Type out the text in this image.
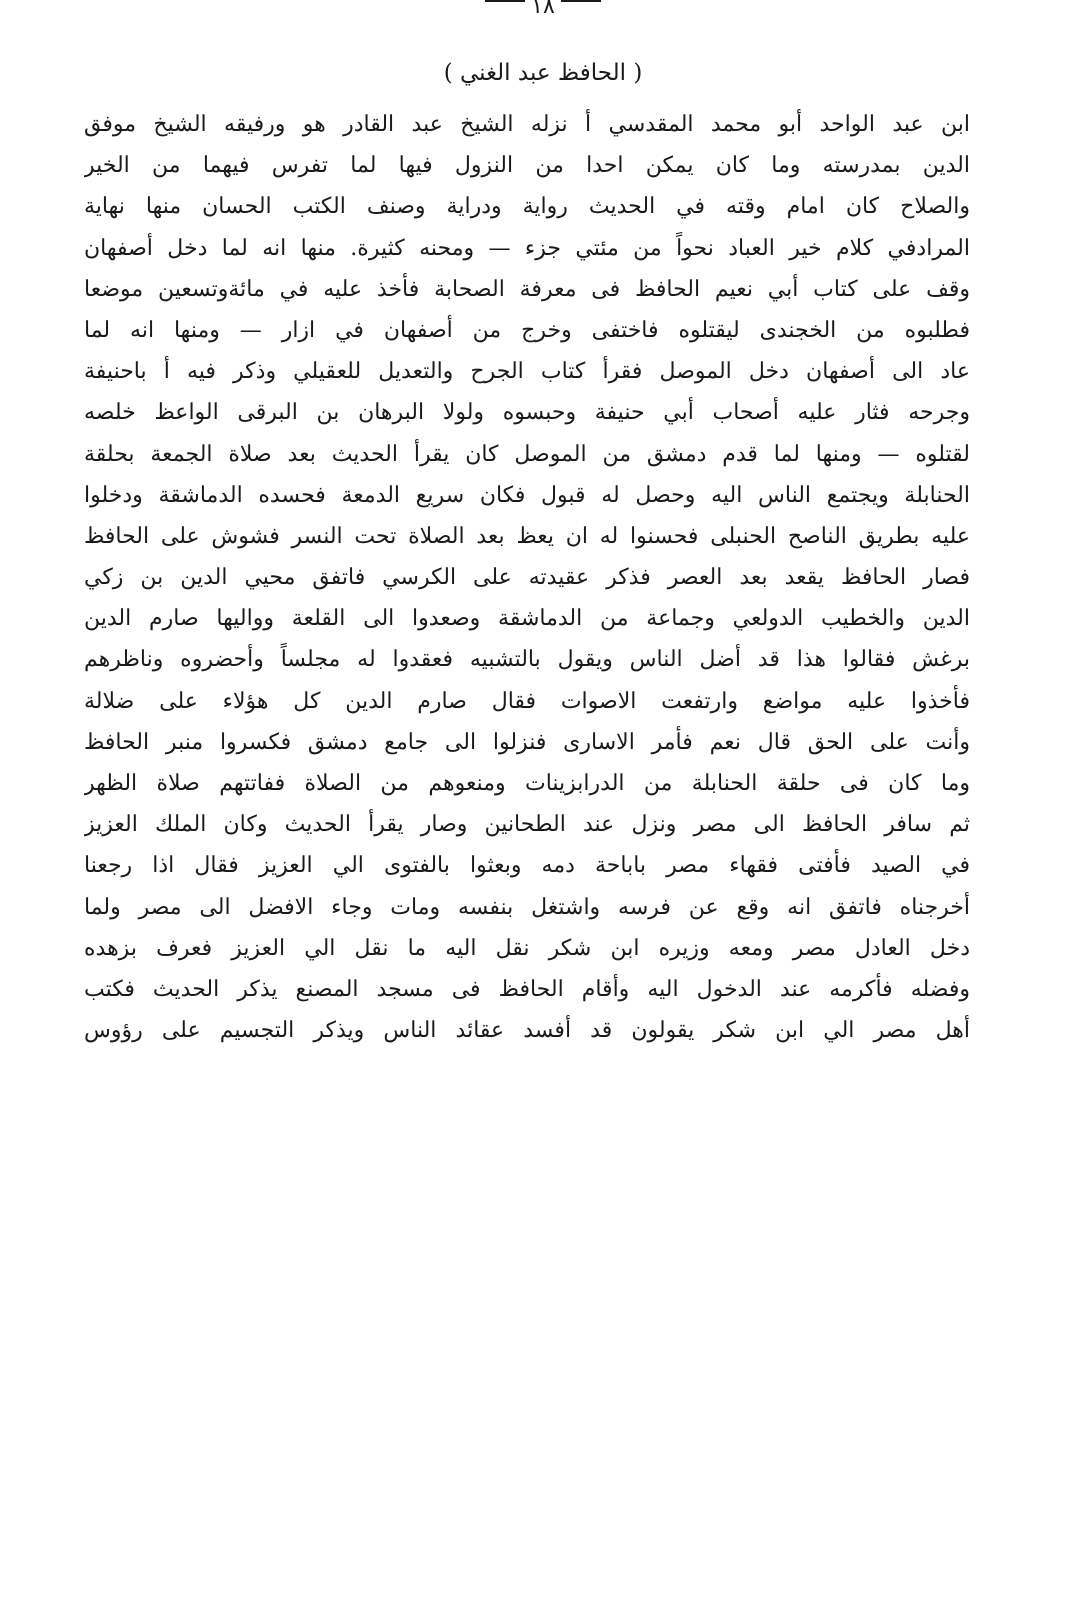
١٨
( الحافظ عبد الغني )
ابن عبد الواحد أبو محمد المقدسي أ نزله الشيخ عبد القادر هو ورفيقه الشيخ موفق
الدين بمدرسته وما كان يمكن احدا من النزول فيها لما تفرس فيهما من الخير
والصلاح كان امام وقته في الحديث رواية ودراية وصنف الكتب الحسان منها نهاية
المرادفي كلام خير العباد نحواً من مئتي جزء — ومحنه كثيرة. منها انه لما دخل أصفهان
وقف على كتاب أبي نعيم الحافظ فى معرفة الصحابة فأخذ عليه في مائةوتسعين موضعا
فطلبوه من الخجندى ليقتلوه فاختفى وخرج من أصفهان في ازار — ومنها انه لما
عاد الى أصفهان دخل الموصل فقرأ كتاب الجرح والتعديل للعقيلي وذكر فيه أ باحنيفة
وجرحه فثار عليه أصحاب أبي حنيفة وحبسوه ولولا البرهان بن البرقى الواعظ خلصه
لقتلوه — ومنها لما قدم دمشق من الموصل كان يقرأ الحديث بعد صلاة الجمعة بحلقة
الحنابلة ويجتمع الناس اليه وحصل له قبول فكان سريع الدمعة فحسده الدماشقة ودخلوا
عليه بطريق الناصح الحنبلى فحسنوا له ان يعظ بعد الصلاة تحت النسر فشوش على الحافظ
فصار الحافظ يقعد بعد العصر فذكر عقيدته على الكرسي فاتفق محيي الدين بن زكي
الدين والخطيب الدولعي وجماعة من الدماشقة وصعدوا الى القلعة وواليها صارم الدين
برغش فقالوا هذا قد أضل الناس ويقول بالتشبيه فعقدوا له مجلساً وأحضروه وناظرهم
فأخذوا عليه مواضع وارتفعت الاصوات فقال صارم الدين كل هؤلاء على ضلالة
وأنت على الحق قال نعم فأمر الاسارى فنزلوا الى جامع دمشق فكسروا منبر الحافظ
وما كان فى حلقة الحنابلة من الدرابزينات ومنعوهم من الصلاة ففاتتهم صلاة الظهر
ثم سافر الحافظ الى مصر ونزل عند الطحانين وصار يقرأ الحديث وكان الملك العزيز
في الصيد فأفتى فقهاء مصر باباحة دمه وبعثوا بالفتوى الي العزيز فقال اذا رجعنا
أخرجناه فاتفق انه وقع عن فرسه واشتغل بنفسه ومات وجاء الافضل الى مصر ولما
دخل العادل مصر ومعه وزيره ابن شكر نقل اليه ما نقل الي العزيز فعرف بزهده
وفضله فأكرمه عند الدخول اليه وأقام الحافظ فى مسجد المصنع يذكر الحديث فكتب
أهل مصر الي ابن شكر يقولون قد أفسد عقائد الناس ويذكر التجسيم على رؤوس
